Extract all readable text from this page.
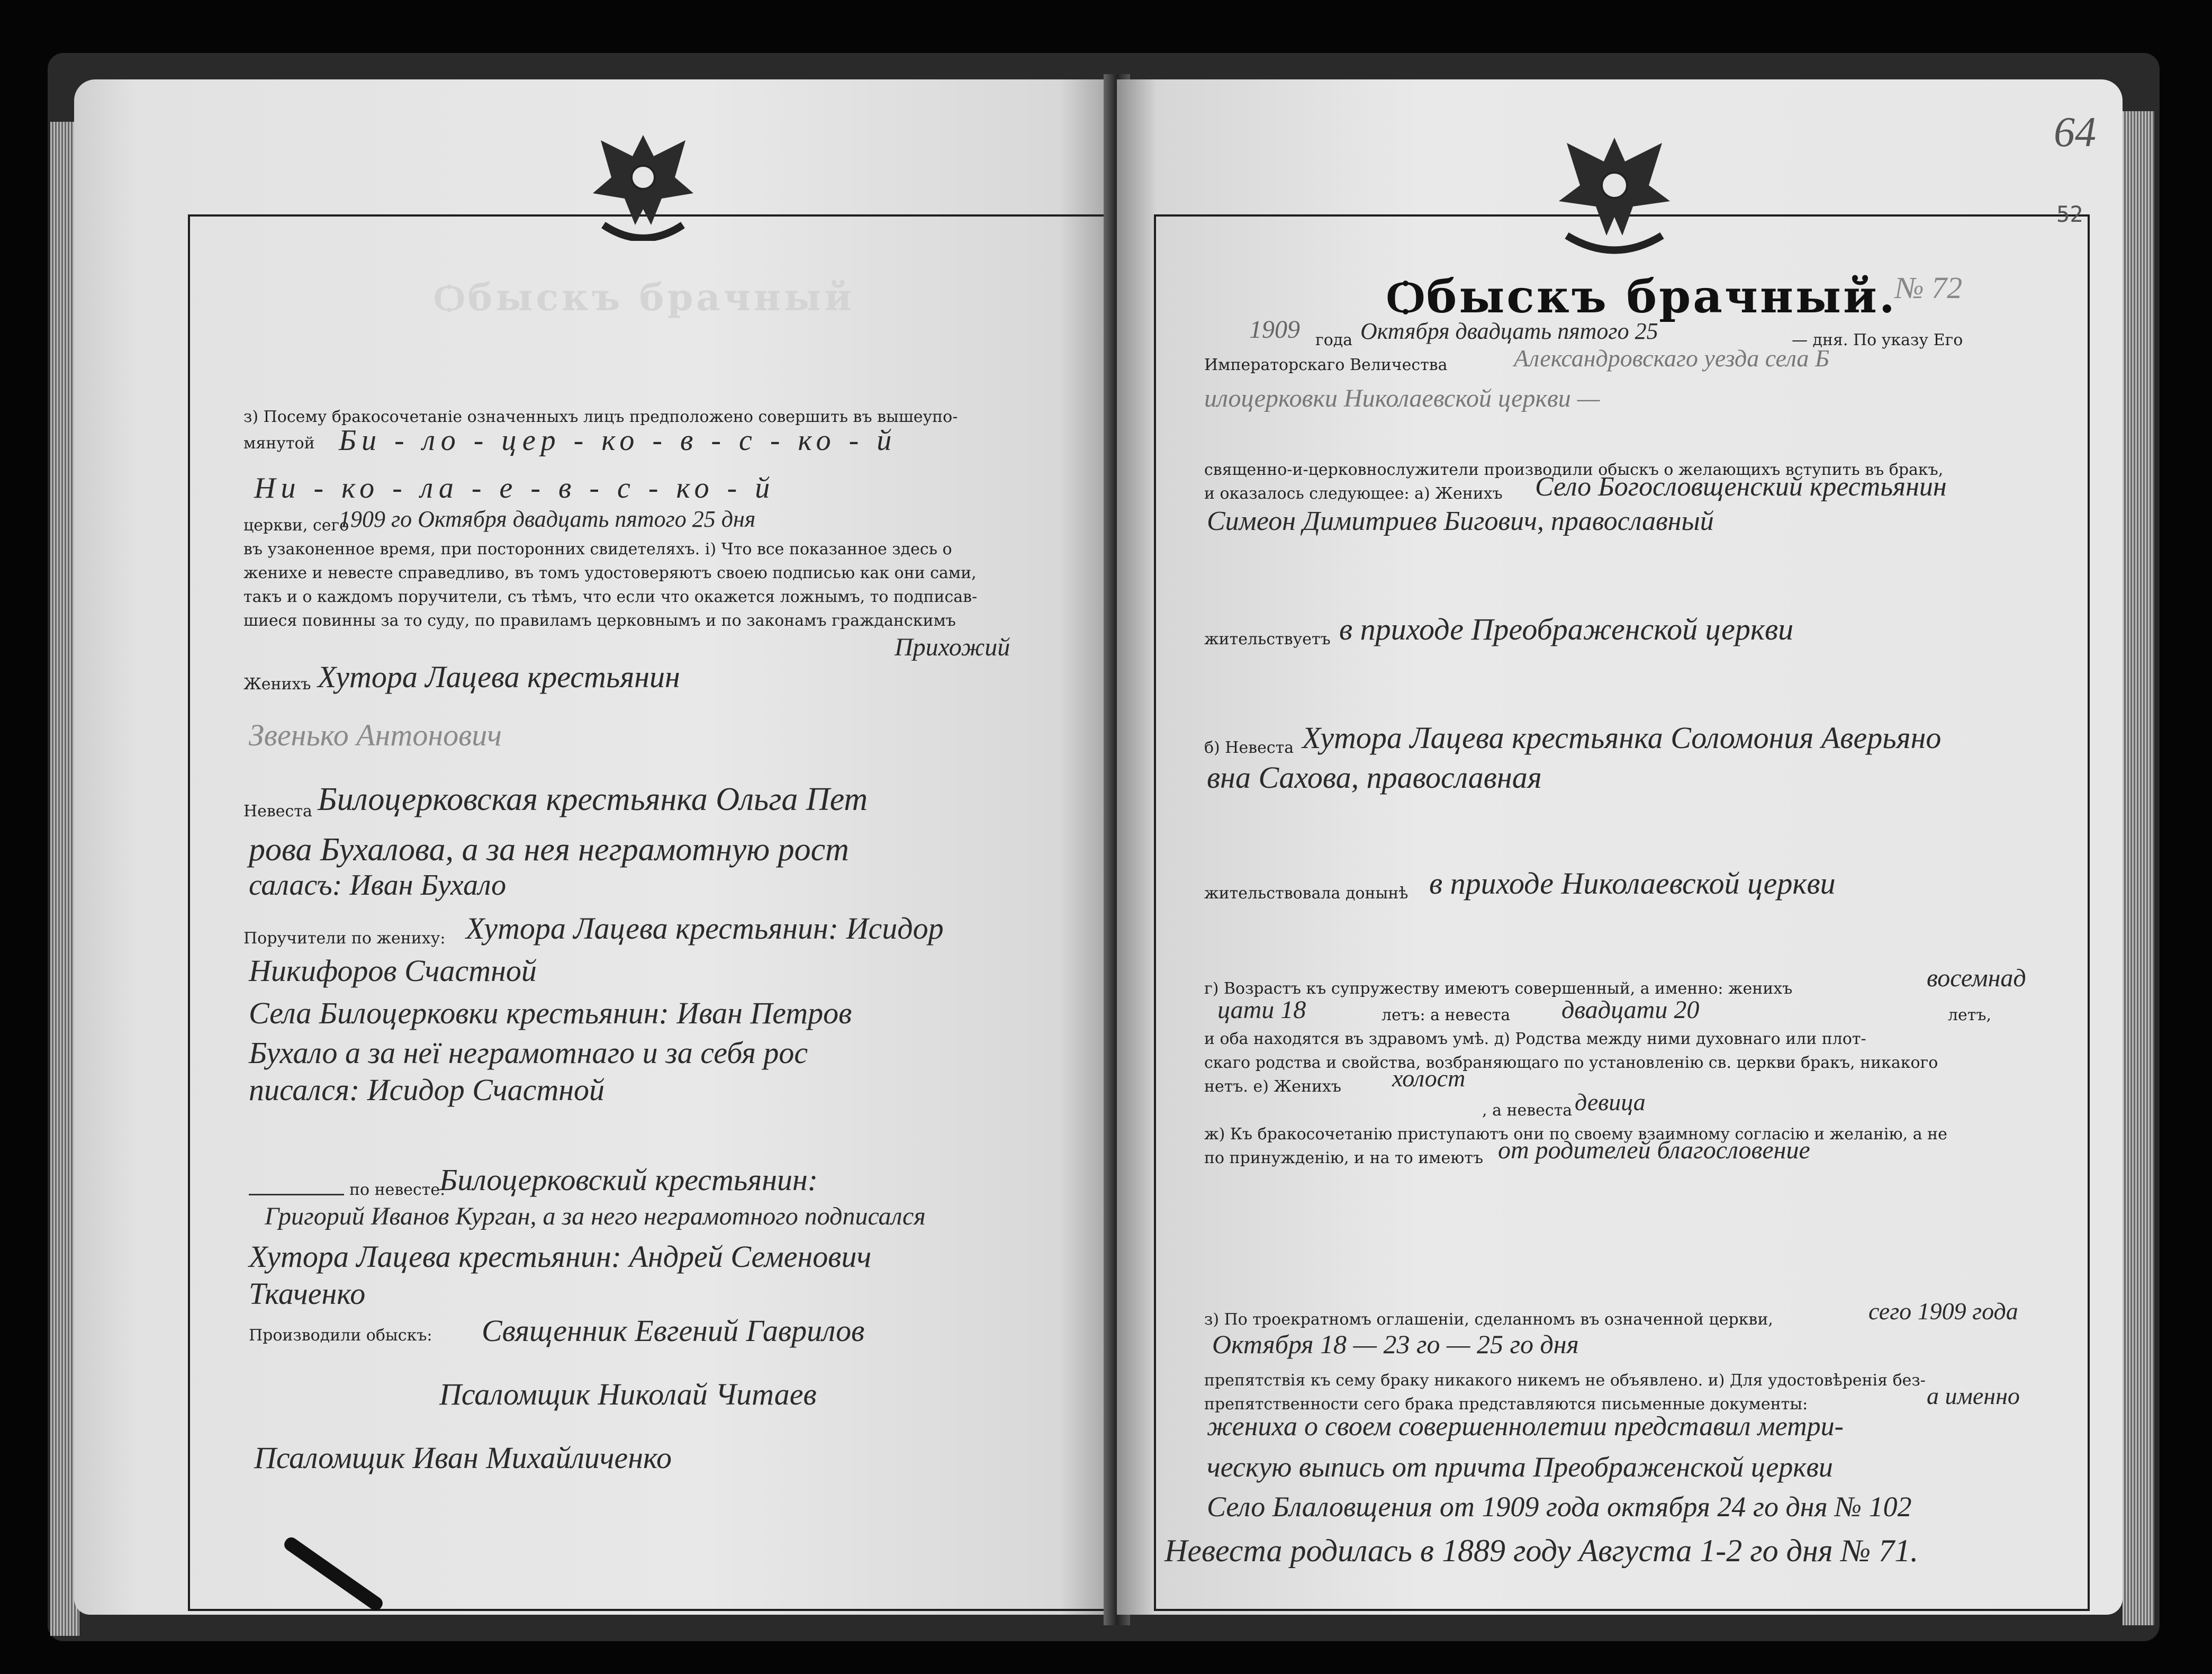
Ѻбыскъ брачный
з) Посему бракосочетаніе означенныхъ лицъ предположено совершить въ вышеупо-
мянутой Би - ло - цер - ко - в - с - ко - й
Ни - ко - ла - е - в - с - ко - й
церкви, сего
1909 го Октября двадцать пятого 25 дня
въ узаконенное время, при посторонних свидетеляхъ. і) Что все показанное здесь о
женихе и невесте справедливо, въ томъ удостоверяютъ своею подписью как они сами,
такъ и о каждомъ поручители, съ тѣмъ, что если что окажется ложнымъ, то подписав-
шиеся повинны за то суду, по правиламъ церковнымъ и по законамъ гражданскимъ
Прихожий
Женихъ Хутора Лацева крестьянин
Звенько Антонович
Невеста Билоцерковская крестьянка Ольга Пет
рова Бухалова, а за нея неграмотную рост
саласъ: Иван Бухало
Поручители по жениху: Хутора Лацева крестьянин: Исидор
Никифоров Счастной
Села Билоцерковки крестьянин: Иван Петров
Бухало а за неї неграмотнаго и за себя рос
писался: Исидор Счастной
по невесте:
Билоцерковский крестьянин:
Григорий Иванов Курган, а за него неграмотного подписался
Хутора Лацева крестьянин: Андрей Семенович
Ткаченко
Производили обыскъ: Священник Евгений Гаврилов
Псаломщик Николай Читаев
Псаломщик Иван Михайличенко
64
52
Ѻбыскъ брачный.
№ 72
1909 года Октября двадцать пятого 25	— дня. По указу Его
Императорскаго Величества	Александровскаго уезда села Б
илоцерковки Николаевской церкви —
священно-и-церковнослужители производили обыскъ о желающихъ вступить въ бракъ,
и оказалось следующее: а) Женихъ Село Богословщенский крестьянин
Симеон Димитриев Бигович, православный
жительствуетъ в приходе Преображенской церкви
б) Невеста Хутора Лацева крестьянка Соломония Аверьяно
вна Сахова, православная
жительствовала донынѣ в приходе Николаевской церкви
г) Возрастъ къ супружеству имеютъ совершенный, а именно: женихъ	восемнад
цати 18	летъ: а невеста двадцати 20	летъ,
и оба находятся въ здравомъ умѣ. д) Родства между ними духовнаго или плот-
скаго родства и свойства, возбраняющаго по установленію св. церкви бракъ, никакого
нетъ. е) Женихъ холост
, а невеста девица
ж) Къ бракосочетанію приступаютъ они по своему взаимному согласію и желанію, а не
по принужденію, и на то имеютъ от родителей благословение
з) По троекратномъ оглашеніи, сделанномъ въ означенной церкви,	сего 1909 года
Октября 18 — 23 го — 25 го дня
препятствія къ сему браку никакого никемъ не объявлено. и) Для удостовѣренія без-
препятственности сего брака представляются письменные документы:	а именно
жениха о своем совершеннолетии представил метри-
ческую выпись от причта Преображенской церкви
Село Блаловщения от 1909 года октября 24 го дня № 102
Невеста родилась в 1889 году Августа 1-2 го дня № 71.
